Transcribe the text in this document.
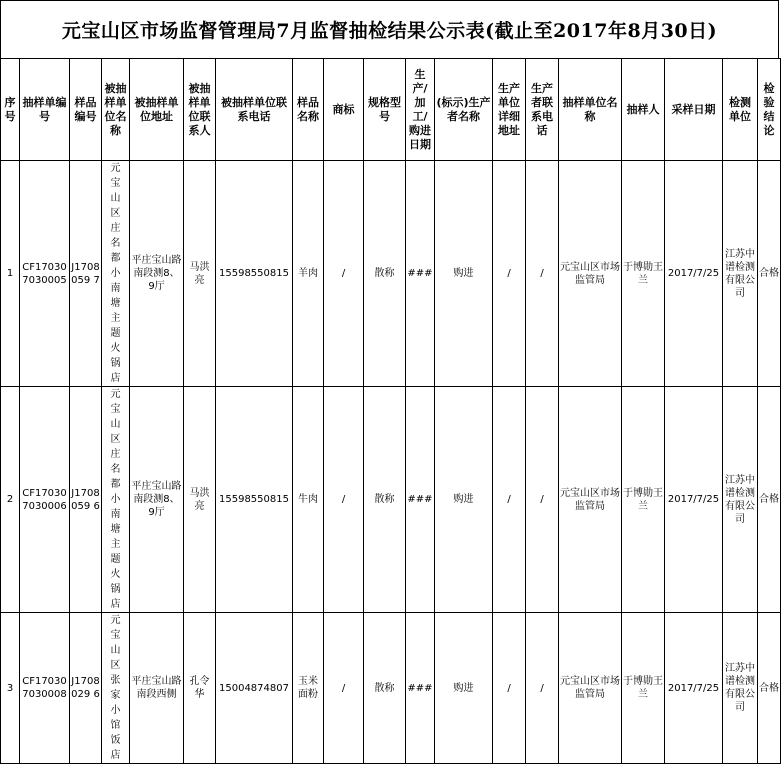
元宝山区市场监督管理局7月监督抽检结果公示表(截止至2017年8月30日)
序号	抽样单编号	样品编号	被抽样单位名称	被抽样单位地址	被抽样单位联系人	被抽样单位联系电话	样品名称	商标	规格型号	生产/加工/购进日期	(标示)生产者名称	生产单位详细地址	生产者联系电话	抽样单位名称	抽样人	采样日期	检测单位	检验结论
1	CF170307030005	J1708059 7	元宝山区庄名都小南塘主题火锅店	平庄宝山路南段测8、9厅	马洪亮	15598550815	羊肉	/	散称	###	购进	/	/	元宝山区市场监管局	于博勋王兰	2017/7/25	江苏中谱检测有限公司	合格
2	CF170307030006	J1708059 6	元宝山区庄名都小南塘主题火锅店	平庄宝山路南段测8、9厅	马洪亮	15598550815	牛肉	/	散称	###	购进	/	/	元宝山区市场监管局	于博勋王兰	2017/7/25	江苏中谱检测有限公司	合格
3	CF170307030008	J1708029 6	元宝山区张家小馆饭店	平庄宝山路南段西侧	孔令华	15004874807	玉米面粉	/	散称	###	购进	/	/	元宝山区市场监管局	于博勋王兰	2017/7/25	江苏中谱检测有限公司	合格
